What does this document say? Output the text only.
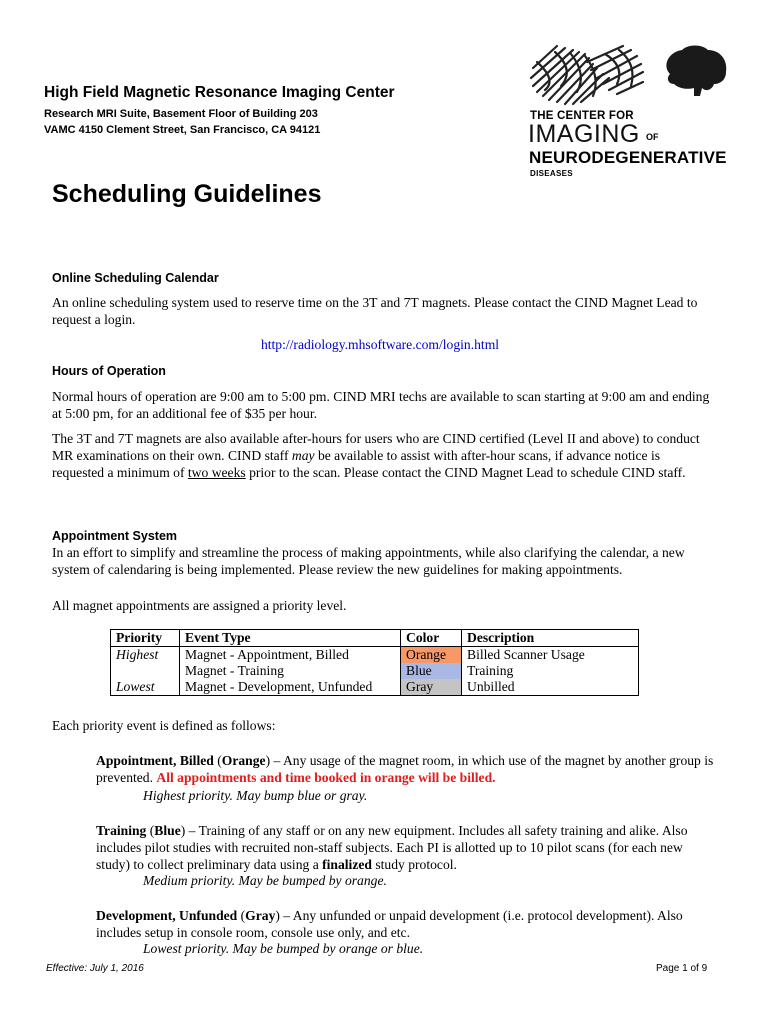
High Field Magnetic Resonance Imaging Center
Research MRI Suite, Basement Floor of Building 203
VAMC 4150 Clement Street, San Francisco, CA 94121
THE CENTER FOR
IMAGING OF
NEURODEGENERATIVE
DISEASES
Scheduling Guidelines
Online Scheduling Calendar
An online scheduling system used to reserve time on the 3T and 7T magnets. Please contact the CIND Magnet Lead to request a login.
http://radiology.mhsoftware.com/login.html
Hours of Operation
Normal hours of operation are 9:00 am to 5:00 pm. CIND MRI techs are available to scan starting at 9:00 am and ending at 5:00 pm, for an additional fee of $35 per hour.
The 3T and 7T magnets are also available after-hours for users who are CIND certified (Level II and above) to conduct MR examinations on their own. CIND staff may be available to assist with after-hour scans, if advance notice is requested a minimum of two weeks prior to the scan. Please contact the CIND Magnet Lead to schedule CIND staff.
Appointment System
In an effort to simplify and streamline the process of making appointments, while also clarifying the calendar, a new system of calendaring is being implemented. Please review the new guidelines for making appointments.
All magnet appointments are assigned a priority level.
Priority	Event Type	Color	Description
Highest	Magnet - Appointment, Billed	Orange	Billed Scanner Usage
	Magnet - Training	Blue	Training
Lowest	Magnet - Development, Unfunded	Gray	Unbilled
Each priority event is defined as follows:
Appointment, Billed (Orange) – Any usage of the magnet room, in which use of the magnet by another group is prevented. All appointments and time booked in orange will be billed.
Highest priority. May bump blue or gray.
Training (Blue) – Training of any staff or on any new equipment. Includes all safety training and alike. Also includes pilot studies with recruited non-staff subjects. Each PI is allotted up to 10 pilot scans (for each new study) to collect preliminary data using a finalized study protocol.
Medium priority. May be bumped by orange.
Development, Unfunded (Gray) – Any unfunded or unpaid development (i.e. protocol development). Also includes setup in console room, console use only, and etc.
Lowest priority. May be bumped by orange or blue.
Effective: July 1, 2016	Page 1 of 9
